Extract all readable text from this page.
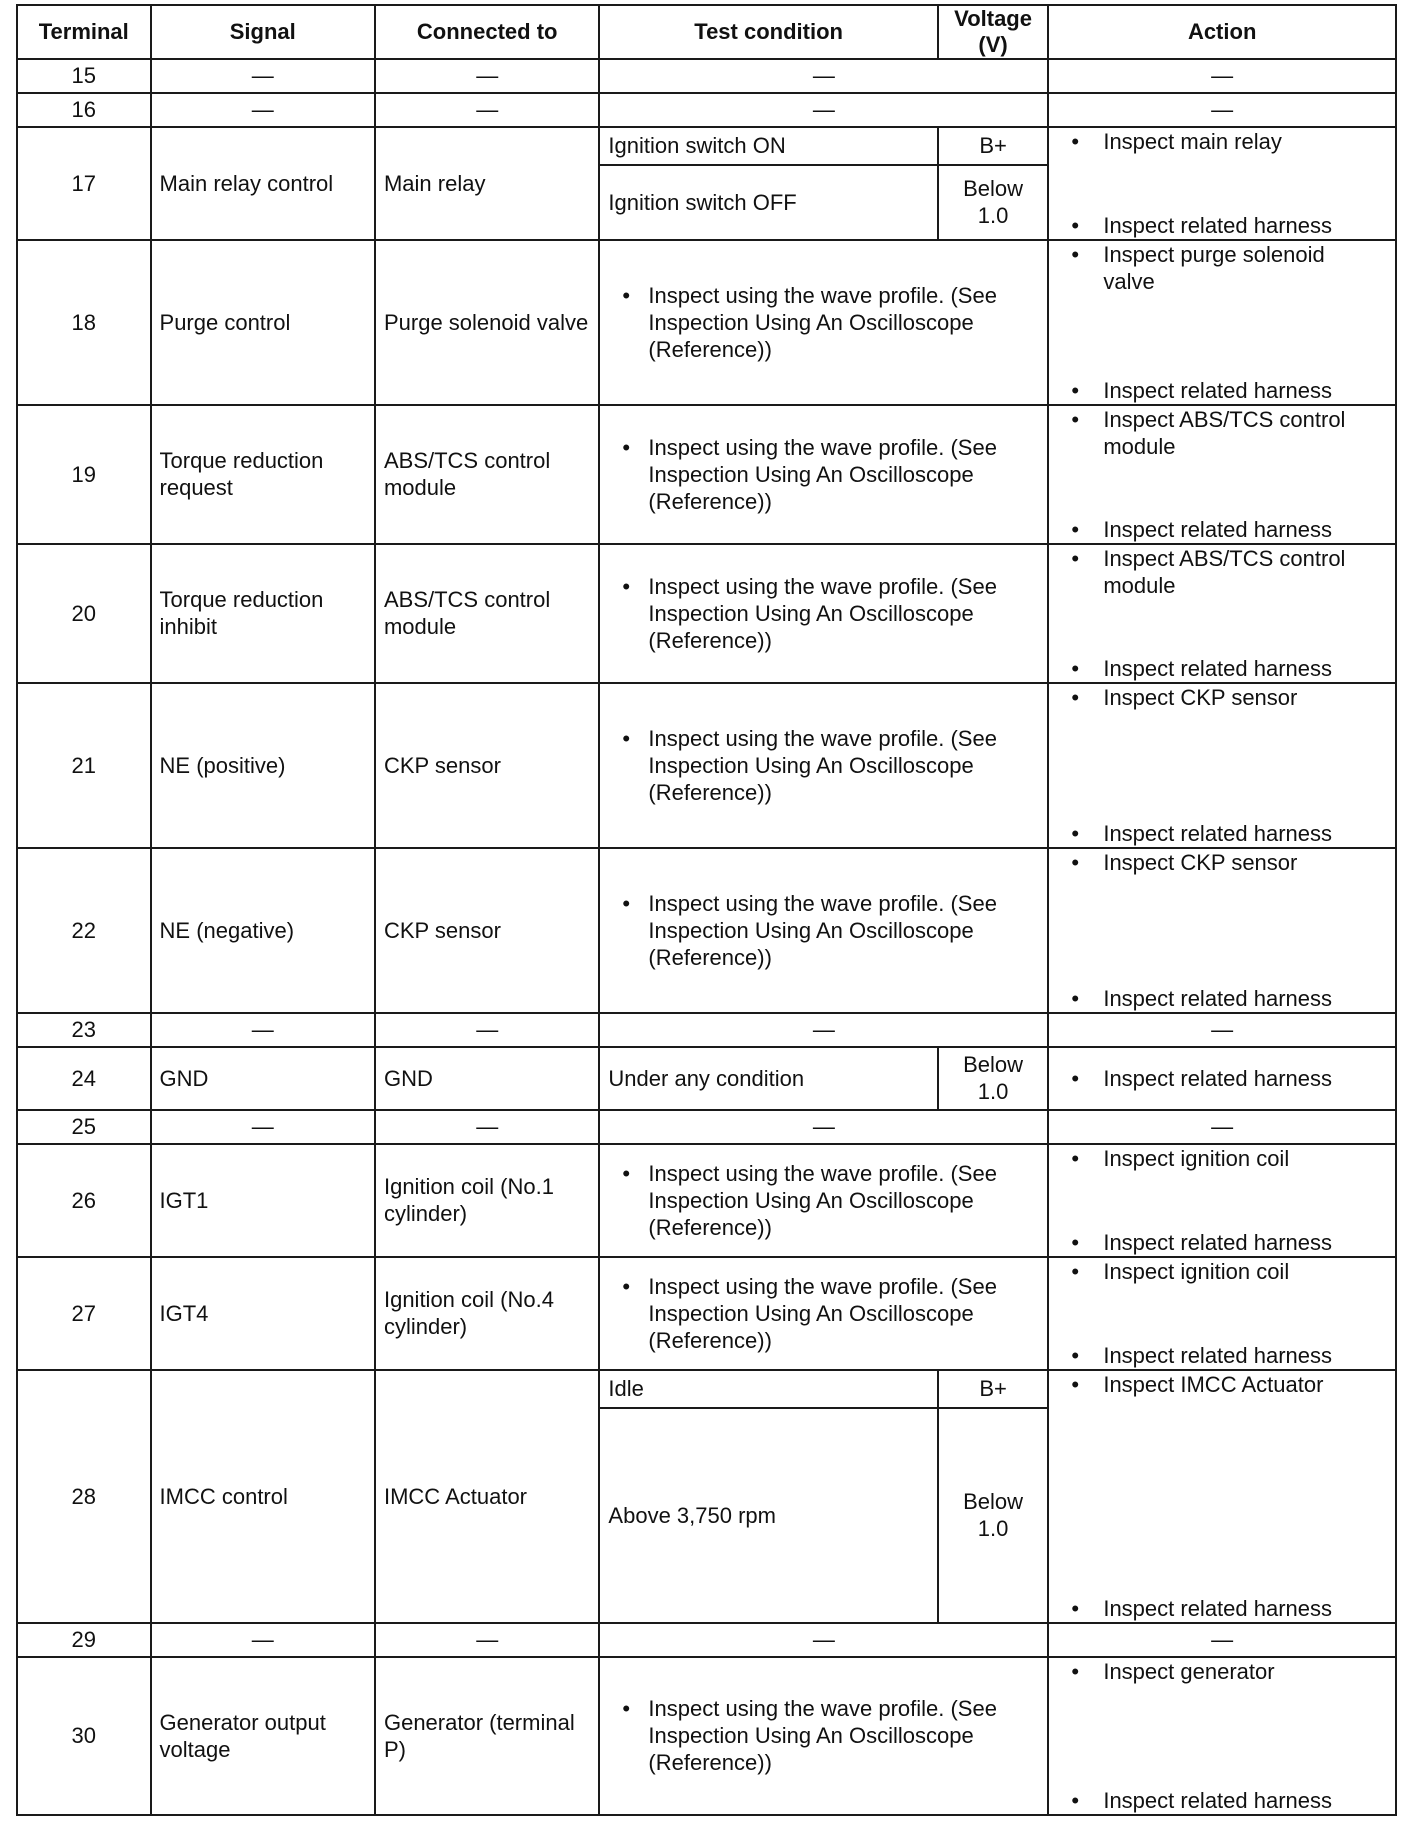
Terminal	Signal	Connected to	Test condition	Voltage (V)	Action
15	—	—	—		—
16	—	—	—		—
17	Main relay control	Main relay	Ignition switch ON	B+	• Inspect main relay
• Inspect related harness

			Ignition switch OFF	Below 1.0	
18	Purge control	Purge solenoid valve	• Inspect using the wave profile. (See Inspection Using An Oscilloscope (Reference))		• Inspect purge solenoid valve
• Inspect related harness

19	Torque reduction request	ABS/TCS control module	• Inspect using the wave profile. (See Inspection Using An Oscilloscope (Reference))		• Inspect ABS/TCS control module
• Inspect related harness

20	Torque reduction inhibit	ABS/TCS control module	• Inspect using the wave profile. (See Inspection Using An Oscilloscope (Reference))		• Inspect ABS/TCS control module
• Inspect related harness

21	NE (positive)	CKP sensor	• Inspect using the wave profile. (See Inspection Using An Oscilloscope (Reference))		• Inspect CKP sensor
• Inspect related harness

22	NE (negative)	CKP sensor	• Inspect using the wave profile. (See Inspection Using An Oscilloscope (Reference))		• Inspect CKP sensor
• Inspect related harness

23	—	—	—		—
24	GND	GND	Under any condition	Below 1.0	• Inspect related harness

25	—	—	—		—
26	IGT1	Ignition coil (No.1 cylinder)	• Inspect using the wave profile. (See Inspection Using An Oscilloscope (Reference))		• Inspect ignition coil
• Inspect related harness

27	IGT4	Ignition coil (No.4 cylinder)	• Inspect using the wave profile. (See Inspection Using An Oscilloscope (Reference))		• Inspect ignition coil
• Inspect related harness

28	IMCC control	IMCC Actuator	Idle	B+	• Inspect IMCC Actuator
• Inspect related harness

			Above 3,750 rpm	Below 1.0	
29	—	—	—		—
30	Generator output voltage	Generator (terminal P)	• Inspect using the wave profile. (See Inspection Using An Oscilloscope (Reference))		• Inspect generator
• Inspect related harness
